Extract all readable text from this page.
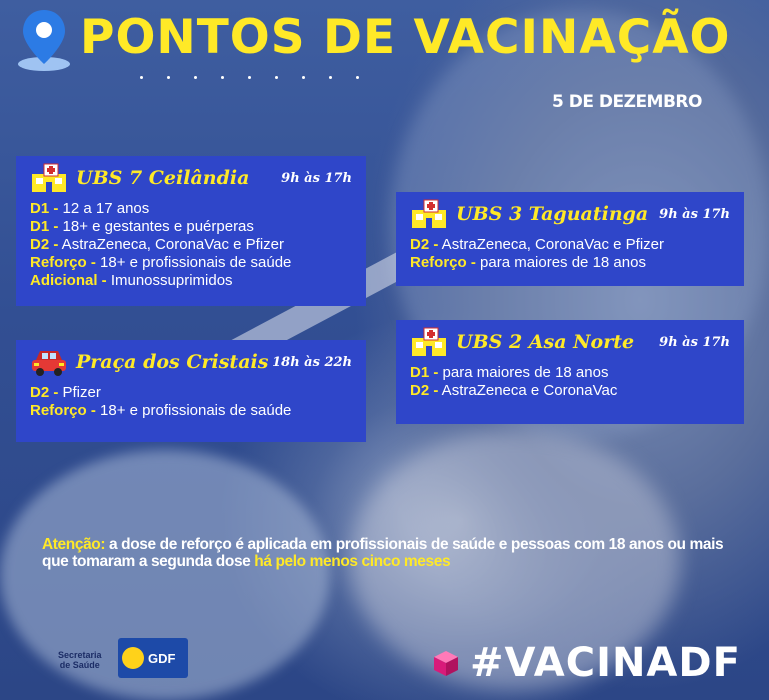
PONTOS DE VACINAÇÃO
5 DE DEZEMBRO
UBS 7 Ceilândia 9h às 17h
D1 - 12 a 17 anos
D1 - 18+ e gestantes e puérperas
D2 - AstraZeneca, CoronaVac e Pfizer
Reforço - 18+ e profissionais de saúde
Adicional - Imunossuprimidos
Praça dos Cristais 18h às 22h
D2 - Pfizer
Reforço - 18+ e profissionais de saúde
UBS 3 Taguatinga 9h às 17h
D2 - AstraZeneca, CoronaVac e Pfizer
Reforço - para maiores de 18 anos
UBS 2 Asa Norte 9h às 17h
D1 - para maiores de 18 anos
D2 - AstraZeneca e CoronaVac
Atenção: a dose de reforço é aplicada em profissionais de saúde e pessoas com 18 anos ou mais que tomaram a segunda dose há pelo menos cinco meses
Secretaria
de Saúde	GDF	#VACINADF
